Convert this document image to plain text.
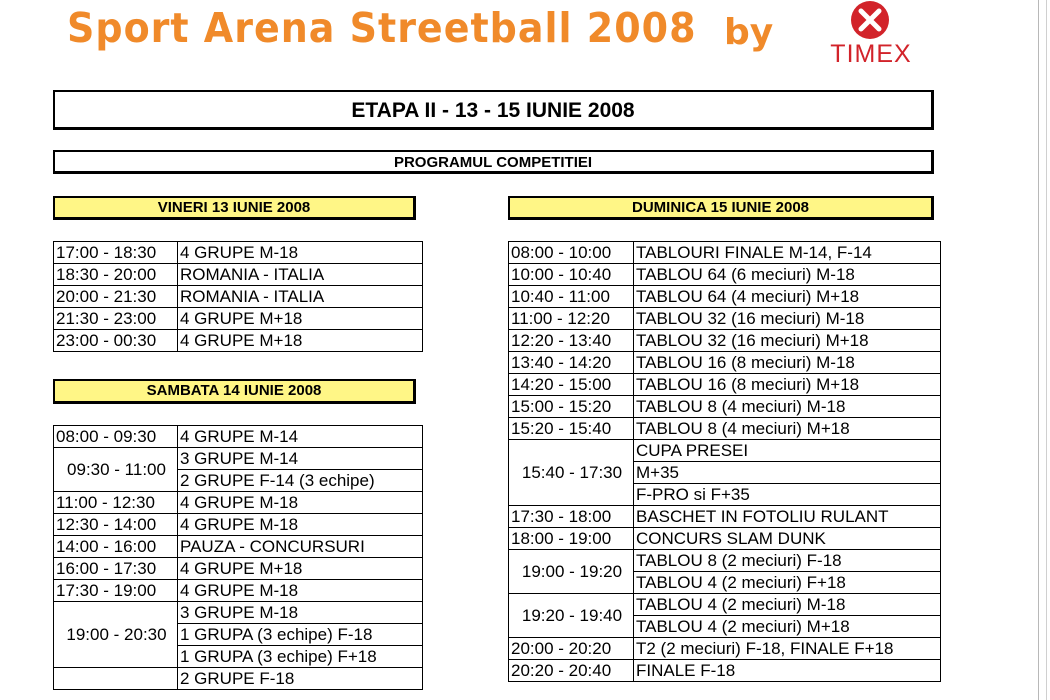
Sport Arena Streetball 2008 by
TIMEX
ETAPA II - 13 - 15 IUNIE 2008
PROGRAMUL COMPETITIEI
VINERI 13 IUNIE 2008
SAMBATA 14 IUNIE 2008
DUMINICA 15 IUNIE 2008
17:00 - 18:30	4 GRUPE M-18
18:30 - 20:00	ROMANIA - ITALIA
20:00 - 21:30	ROMANIA - ITALIA
21:30 - 23:00	4 GRUPE M+18
23:00 - 00:30	4 GRUPE M+18
08:00 - 09:30	4 GRUPE M-14
09:30 - 11:00	3 GRUPE M-14
	2 GRUPE F-14 (3 echipe)
11:00 - 12:30	4 GRUPE M-18
12:30 - 14:00	4 GRUPE M-18
14:00 - 16:00	PAUZA - CONCURSURI
16:00 - 17:30	4 GRUPE M+18
17:30 - 19:00	4 GRUPE M-18
19:00 - 20:30	3 GRUPE M-18
	1 GRUPA (3 echipe) F-18
	1 GRUPA (3 echipe) F+18
	2 GRUPE F-18
08:00 - 10:00	TABLOURI FINALE M-14, F-14
10:00 - 10:40	TABLOU 64 (6 meciuri) M-18
10:40 - 11:00	TABLOU 64 (4 meciuri) M+18
11:00 - 12:20	TABLOU 32 (16 meciuri) M-18
12:20 - 13:40	TABLOU 32 (16 meciuri) M+18
13:40 - 14:20	TABLOU 16 (8 meciuri) M-18
14:20 - 15:00	TABLOU 16 (8 meciuri) M+18
15:00 - 15:20	TABLOU 8 (4 meciuri) M-18
15:20 - 15:40	TABLOU 8 (4 meciuri) M+18
15:40 - 17:30	CUPA PRESEI
	M+35
	F-PRO si F+35
17:30 - 18:00	BASCHET IN FOTOLIU RULANT
18:00 - 19:00	CONCURS SLAM DUNK
19:00 - 19:20	TABLOU 8 (2 meciuri) F-18
	TABLOU 4 (2 meciuri) F+18
19:20 - 19:40	TABLOU 4 (2 meciuri) M-18
	TABLOU 4 (2 meciuri) M+18
20:00 - 20:20	T2 (2 meciuri) F-18, FINALE F+18
20:20 - 20:40	FINALE F-18
